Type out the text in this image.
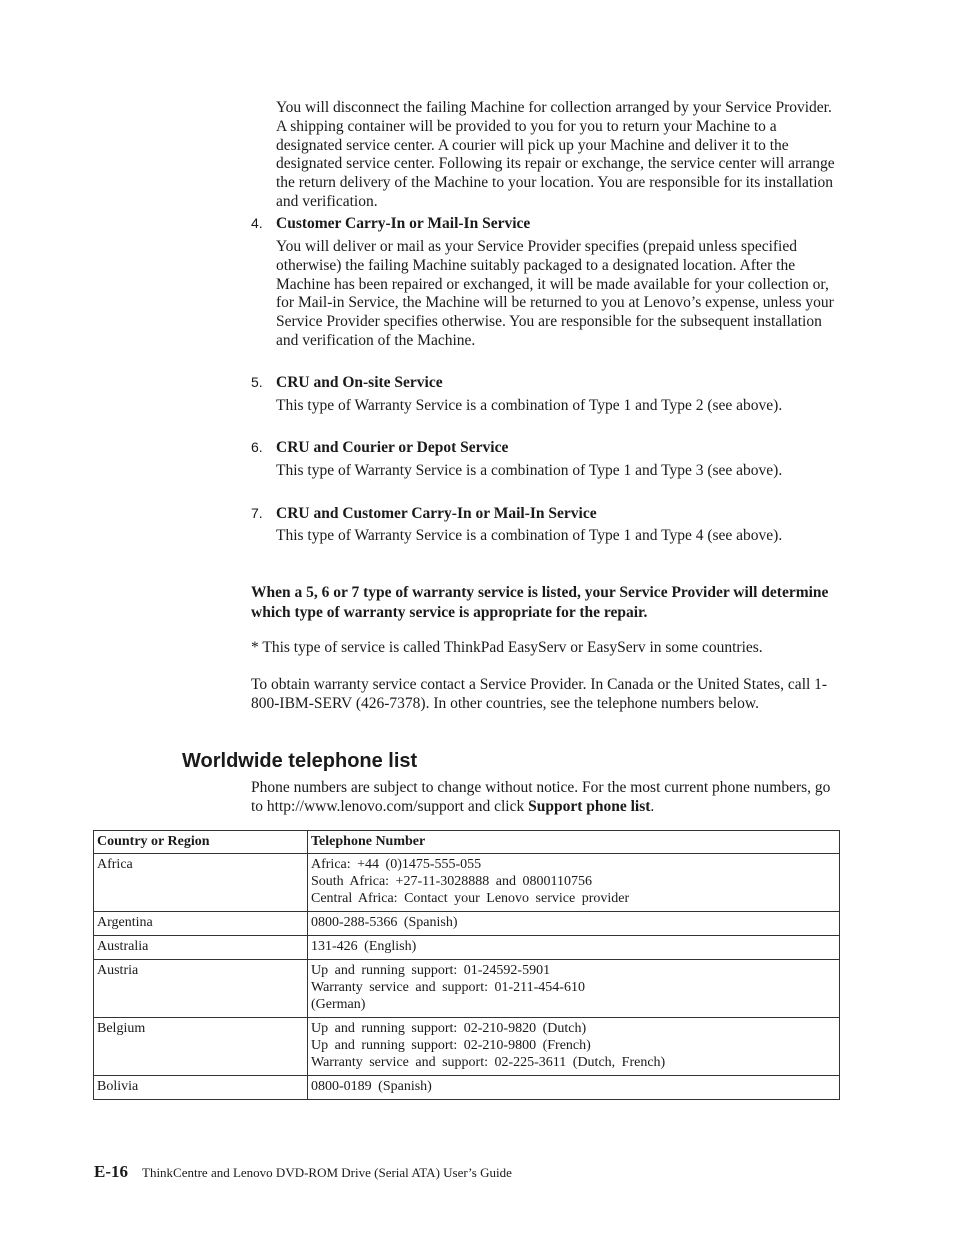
You will disconnect the failing Machine for collection arranged by your Service Provider. A shipping container will be provided to you for you to return your Machine to a designated service center. A courier will pick up your Machine and deliver it to the designated service center. Following its repair or exchange, the service center will arrange the return delivery of the Machine to your location. You are responsible for its installation and verification.

4. Customer Carry-In or Mail-In Service

You will deliver or mail as your Service Provider specifies (prepaid unless specified otherwise) the failing Machine suitably packaged to a designated location. After the Machine has been repaired or exchanged, it will be made available for your collection or, for Mail-in Service, the Machine will be returned to you at Lenovo’s expense, unless your Service Provider specifies otherwise. You are responsible for the subsequent installation and verification of the Machine.

5. CRU and On-site Service

This type of Warranty Service is a combination of Type 1 and Type 2 (see above).

6. CRU and Courier or Depot Service

This type of Warranty Service is a combination of Type 1 and Type 3 (see above).

7. CRU and Customer Carry-In or Mail-In Service

This type of Warranty Service is a combination of Type 1 and Type 4 (see above).

When a 5, 6 or 7 type of warranty service is listed, your Service Provider will determine which type of warranty service is appropriate for the repair.

* This type of service is called ThinkPad EasyServ or EasyServ in some countries.

To obtain warranty service contact a Service Provider. In Canada or the United States, call 1-800-IBM-SERV (426-7378). In other countries, see the telephone numbers below.

Worldwide telephone list

Phone numbers are subject to change without notice. For the most current phone numbers, go to http://www.lenovo.com/support and click Support phone list.

Country or Region	Telephone Number
Africa	Africa: +44 (0)1475-555-055
South Africa: +27-11-3028888 and 0800110756
Central Africa: Contact your Lenovo service provider

Argentina	0800-288-5366 (Spanish)

Australia	131-426 (English)

Austria	Up and running support: 01-24592-5901
Warranty service and support: 01-211-454-610
(German)

Belgium	Up and running support: 02-210-9820 (Dutch)
Up and running support: 02-210-9800 (French)
Warranty service and support: 02-225-3611 (Dutch, French)

Bolivia	0800-0189 (Spanish)
E-16 ThinkCentre and Lenovo DVD-ROM Drive (Serial ATA) User’s Guide
